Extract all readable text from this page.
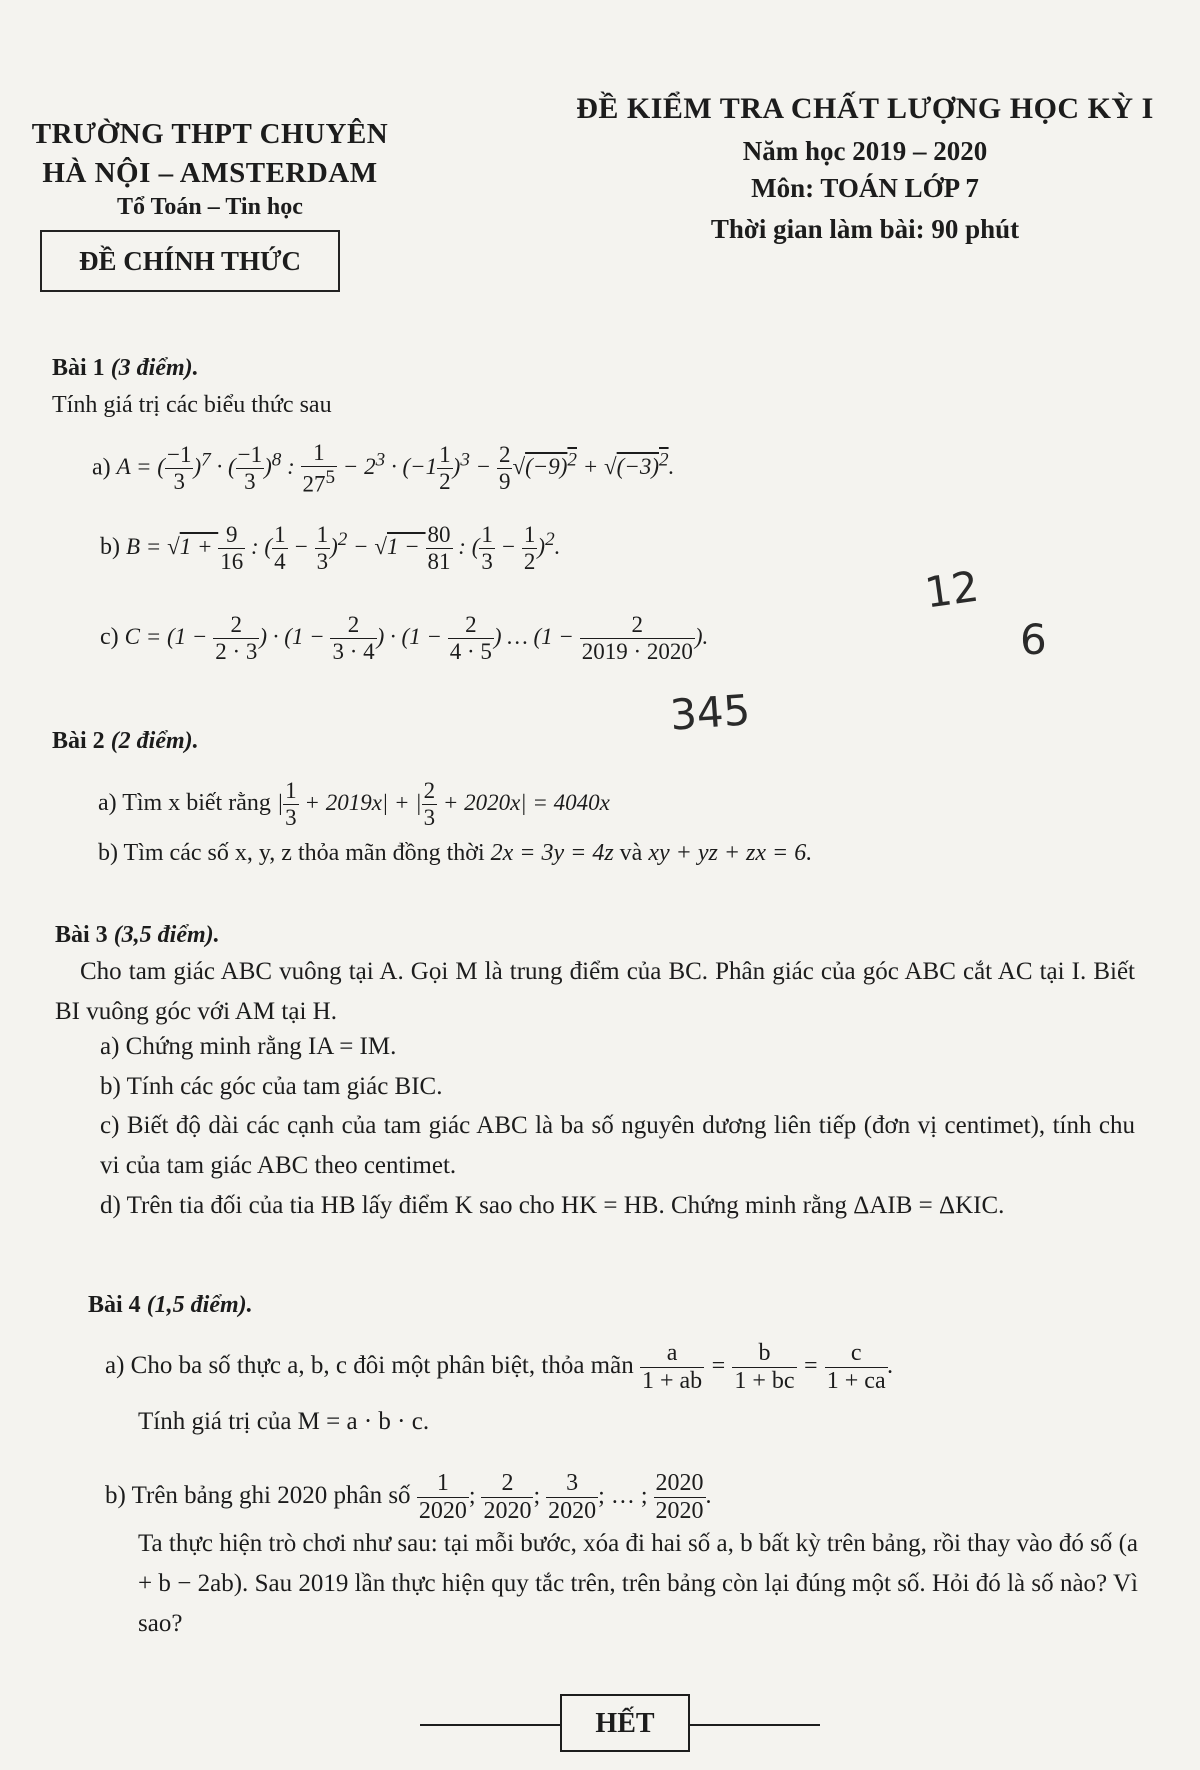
TRƯỜNG THPT CHUYÊN
HÀ NỘI – AMSTERDAM
Tổ Toán – Tin học
ĐỀ CHÍNH THỨC
ĐỀ KIỂM TRA CHẤT LƯỢNG HỌC KỲ I
Năm học 2019 – 2020
Môn: TOÁN LỚP 7
Thời gian làm bài: 90 phút
Bài 1 (3 điểm).
Tính giá trị các biểu thức sau
a) A = ( $\frac{-1}{3} )^7$ · ( $\frac{-1}{3} )^8$ : $\frac{1}{27^5} - 2^3 \cdot (-1 \frac{1}{2} )^3 - \frac{2}{9} √(-9)^2 + √(-3)^2$.
b) $B = √1 + \frac{9}{16}$ : ( $\frac{1}{4} - \frac{1}{3} )^2 - √1 - \frac{80}{81}$ : ( $\frac{1}{3} - \frac{1}{2} )^2$.
c) $C = (1 - \frac{2}{2 \cdot 3}$ ) · ($1 - \frac{2}{3 \cdot 4}$ ) · ($1 - \frac{2}{4 \cdot 5}$ ) … ($1 - \frac{2}{2019 \cdot 2020}$ ).
Bài 2 (2 điểm).
a) Tìm x biết rằng | $\frac{1}{3} + 2019x|$ + | $\frac{2}{3} + 2020x| = 4040x$
b) Tìm các số x, y, z thỏa mãn đồng thời 2x = 3y = 4z và xy + yz + zx = 6.
Bài 3 (3,5 điểm).
Cho tam giác ABC vuông tại A. Gọi M là trung điểm của BC. Phân giác của góc ABC cắt AC tại I. Biết BI vuông góc với AM tại H.
a) Chứng minh rằng IA = IM.
b) Tính các góc của tam giác BIC.
c) Biết độ dài các cạnh của tam giác ABC là ba số nguyên dương liên tiếp (đơn vị centimet), tính chu vi của tam giác ABC theo centimet.
d) Trên tia đối của tia HB lấy điểm K sao cho HK = HB. Chứng minh rằng ΔAIB = ΔKIC.
Bài 4 (1,5 điểm).
a) Cho ba số thực a, b, c đôi một phân biệt, thỏa mãn $\frac{a}{1 + ab} = \frac{b}{1 + bc} = \frac{c}{1 + ca}$ .
Tính giá trị của M = a · b · c.
b) Trên bảng ghi 2020 phân số $\frac{1}{2020}$ ; $\frac{2}{2020}$ ; $\frac{3}{2020}$ ; … ; $\frac{2020}{2020}$ .
Ta thực hiện trò chơi như sau: tại mỗi bước, xóa đi hai số a, b bất kỳ trên bảng, rồi thay vào đó số (a + b − 2ab). Sau 2019 lần thực hiện quy tắc trên, trên bảng còn lại đúng một số. Hỏi đó là số nào? Vì sao?
HẾT
12
6
345
